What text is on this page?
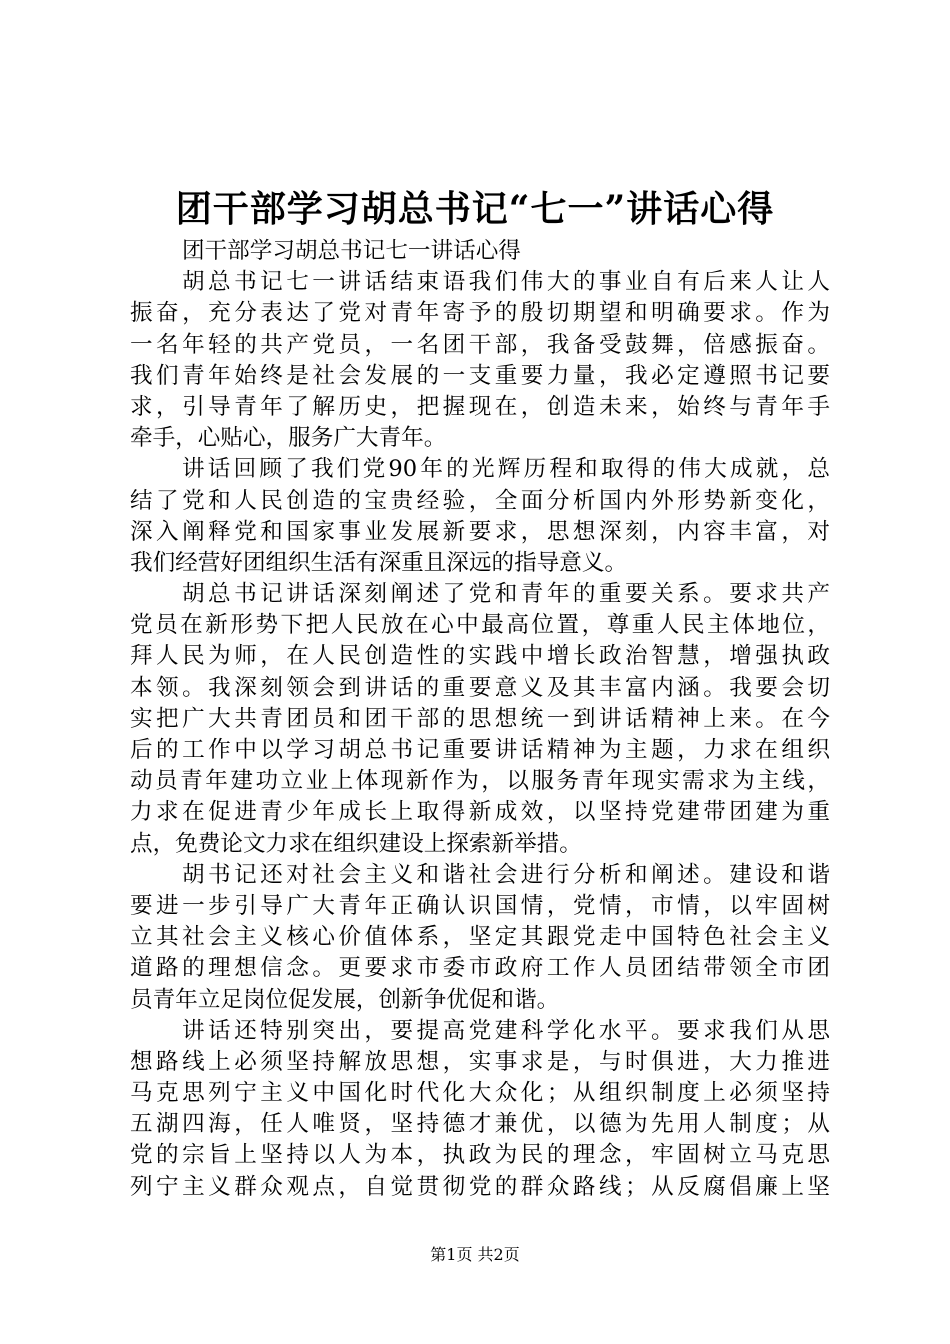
团干部学习胡总书记“七一”讲话心得
团干部学习胡总书记七一讲话心得
胡总书记七一讲话结束语我们伟大的事业自有后来人让人
振奋，充分表达了党对青年寄予的殷切期望和明确要求。作为
一名年轻的共产党员，一名团干部，我备受鼓舞，倍感振奋。
我们青年始终是社会发展的一支重要力量，我必定遵照书记要
求，引导青年了解历史，把握现在，创造未来，始终与青年手
牵手，心贴心，服务广大青年。
讲话回顾了我们党90年的光辉历程和取得的伟大成就，总
结了党和人民创造的宝贵经验，全面分析国内外形势新变化，
深入阐释党和国家事业发展新要求，思想深刻，内容丰富，对
我们经营好团组织生活有深重且深远的指导意义。
胡总书记讲话深刻阐述了党和青年的重要关系。要求共产
党员在新形势下把人民放在心中最高位置，尊重人民主体地位，
拜人民为师，在人民创造性的实践中增长政治智慧，增强执政
本领。我深刻领会到讲话的重要意义及其丰富内涵。我要会切
实把广大共青团员和团干部的思想统一到讲话精神上来。在今
后的工作中以学习胡总书记重要讲话精神为主题，力求在组织
动员青年建功立业上体现新作为，以服务青年现实需求为主线，
力求在促进青少年成长上取得新成效，以坚持党建带团建为重
点，免费论文力求在组织建设上探索新举措。
胡书记还对社会主义和谐社会进行分析和阐述。建设和谐
要进一步引导广大青年正确认识国情，党情，市情，以牢固树
立其社会主义核心价值体系，坚定其跟党走中国特色社会主义
道路的理想信念。更要求市委市政府工作人员团结带领全市团
员青年立足岗位促发展，创新争优促和谐。
讲话还特别突出，要提高党建科学化水平。要求我们从思
想路线上必须坚持解放思想，实事求是，与时俱进，大力推进
马克思列宁主义中国化时代化大众化；从组织制度上必须坚持
五湖四海，任人唯贤，坚持德才兼优，以德为先用人制度；从
党的宗旨上坚持以人为本，执政为民的理念，牢固树立马克思
列宁主义群众观点，自觉贯彻党的群众路线；从反腐倡廉上坚
第1页 共2页
